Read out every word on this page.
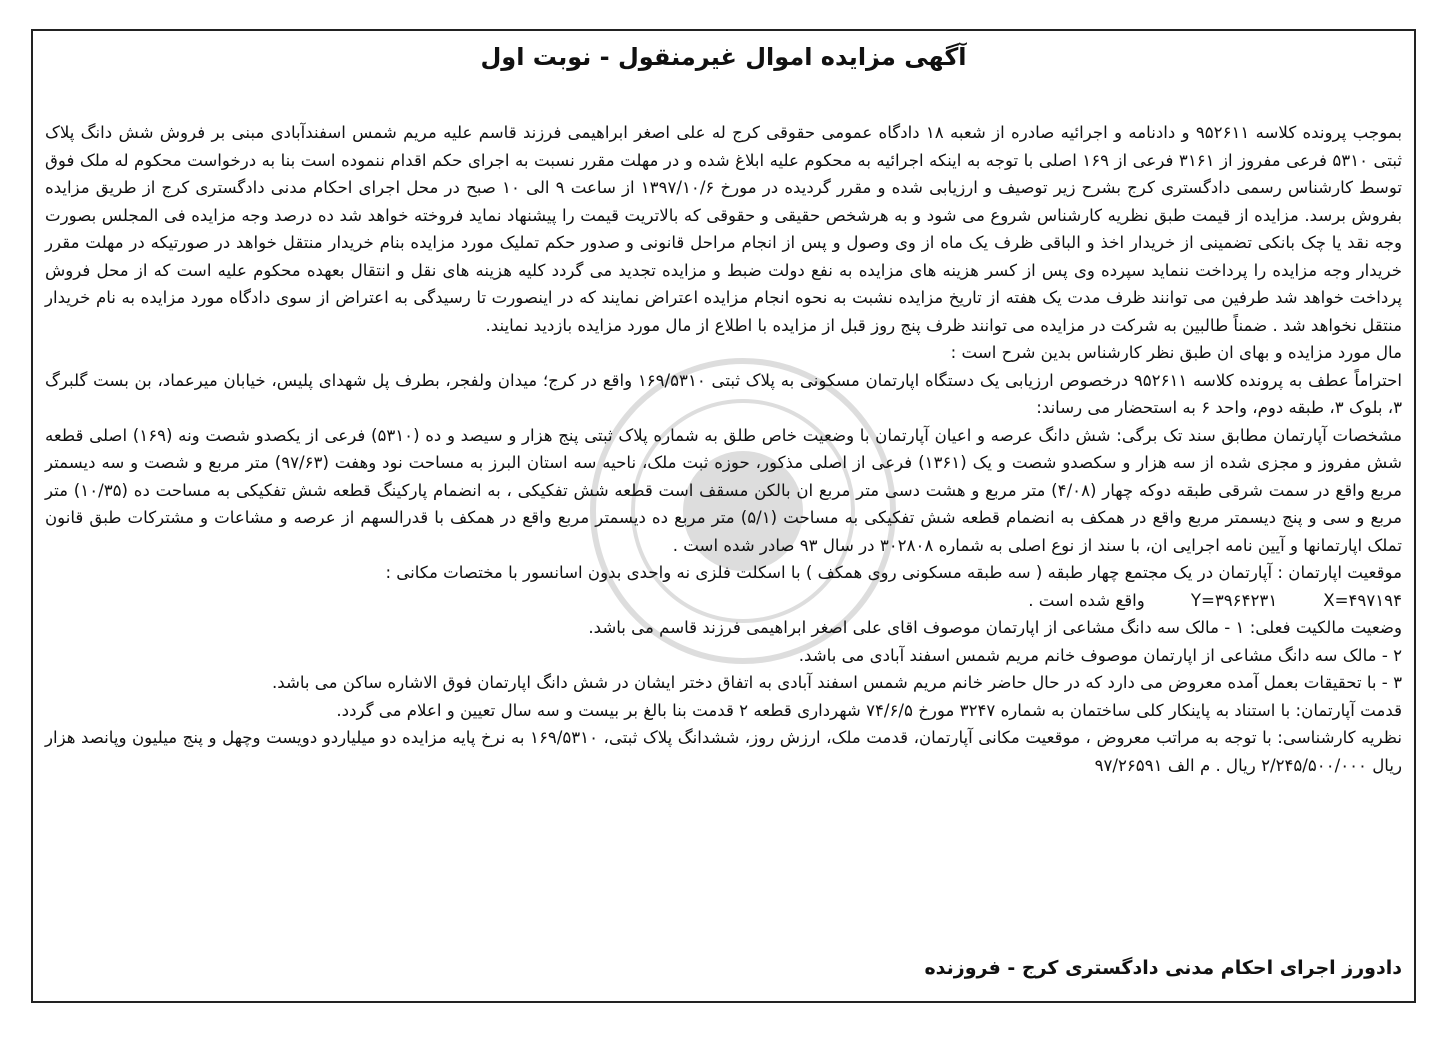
آگهی مزایده اموال غیرمنقول - نوبت اول

بموجب پرونده کلاسه ۹۵۲۶۱۱ و دادنامه و اجرائیه صادره از شعبه ۱۸ دادگاه عمومی حقوقی کرج له علی اصغر ابراهیمی فرزند قاسم علیه مریم شمس اسفندآبادی مبنی بر فروش شش دانگ پلاک ثبتی ۵۳۱۰ فرعی مفروز از ۳۱۶۱ فرعی از ۱۶۹ اصلی با توجه به اینکه اجرائیه به محکوم علیه ابلاغ شده و در مهلت مقرر نسبت به اجرای حکم اقدام ننموده است بنا به درخواست محکوم له ملک فوق توسط کارشناس رسمی دادگستری کرج بشرح زیر توصیف و ارزیابی شده و مقرر گردیده در مورخ ۱۳۹۷/۱۰/۶ از ساعت ۹ الی ۱۰ صبح در محل اجرای احکام مدنی دادگستری کرج از طریق مزایده بفروش برسد. مزایده از قیمت طبق نظریه کارشناس شروع می شود و به هرشخص حقیقی و حقوقی که بالاتریت قیمت را پیشنهاد نماید فروخته خواهد شد ده درصد وجه مزایده فی المجلس بصورت وجه نقد یا چک بانکی تضمینی از خریدار اخذ و الباقی ظرف یک ماه از وی وصول و پس از انجام مراحل قانونی و صدور حکم تملیک مورد مزایده بنام خریدار منتقل خواهد در صورتیکه در مهلت مقرر خریدار وجه مزایده را پرداخت ننماید سپرده وی پس از کسر هزینه های مزایده به نفع دولت ضبط و مزایده تجدید می گردد کلیه هزینه های نقل و انتقال بعهده محکوم علیه است که از محل فروش پرداخت خواهد شد طرفین می توانند ظرف مدت یک هفته از تاریخ مزایده نشبت به نحوه انجام مزایده اعتراض نمایند که در اینصورت تا رسیدگی به اعتراض از سوی دادگاه مورد مزایده به نام خریدار منتقل نخواهد شد . ضمناً طالبین به شرکت در مزایده می توانند ظرف پنج روز قبل از مزایده با اطلاع از مال مورد مزایده بازدید نمایند.

مال مورد مزایده و بهای ان طبق نظر کارشناس بدین شرح است :

احتراماً عطف به پرونده کلاسه ۹۵۲۶۱۱ درخصوص ارزیابی یک دستگاه اپارتمان مسکونی به پلاک ثبتی ۱۶۹/۵۳۱۰ واقع در کرج؛ میدان ولفجر، بطرف پل شهدای پلیس، خیابان میرعماد، بن بست گلبرگ ۳، بلوک ۳، طبقه دوم، واحد ۶ به استحضار می رساند:

مشخصات آپارتمان مطابق سند تک برگی: شش دانگ عرصه و اعیان آپارتمان با وضعیت خاص طلق به شماره پلاک ثبتی پنج هزار و سیصد و ده (۵۳۱۰) فرعی از یکصدو شصت ونه (۱۶۹) اصلی قطعه شش مفروز و مجزی شده از سه هزار و سکصدو شصت و یک (۱۳۶۱) فرعی از اصلی مذکور، حوزه ثبت ملک، ناحیه سه استان البرز به مساحت نود وهفت (۹۷/۶۳) متر مربع و شصت و سه دیسمتر مربع واقع در سمت شرقی طبقه دوکه چهار (۴/۰۸) متر مربع و هشت دسی متر مربع ان بالکن مسقف است قطعه شش تفکیکی ، به انضمام پارکینگ قطعه شش تفکیکی به مساحت ده (۱۰/۳۵) متر مربع و سی و پنج دیسمتر مربع واقع در همکف به انضمام قطعه شش تفکیکی به مساحت (۵/۱) متر مربع ده دیسمتر مربع واقع در همکف با قدرالسهم از عرصه و مشاعات و مشترکات طبق قانون تملک اپارتمانها و آیین نامه اجرایی ان، با سند از نوع اصلی به شماره ۳۰۲۸۰۸ در سال ۹۳ صادر شده است .

موقعیت اپارتمان : آپارتمان در یک مجتمع چهار طبقه ( سه طبقه مسکونی روی همکف ) با اسکلت فلزی نه واحدی بدون اسانسور با مختصات مکانی :

X=۴۹۷۱۹۴
Y=۳۹۶۴۲۳۱
واقع شده است .

وضعیت مالکیت فعلی: ۱ - مالک سه دانگ مشاعی از اپارتمان موصوف اقای علی اصغر ابراهیمی فرزند قاسم می باشد.

۲ - مالک سه دانگ مشاعی از اپارتمان موصوف خانم مریم شمس اسفند آبادی می باشد.

۳ - با تحقیقات بعمل آمده معروض می دارد که در حال حاضر خانم مریم شمس اسفند آبادی به اتفاق دختر ایشان در شش دانگ اپارتمان فوق الاشاره ساکن می باشد.

قدمت آپارتمان: با استناد به پاینکار کلی ساختمان به شماره ۳۲۴۷ مورخ ۷۴/۶/۵ شهرداری قطعه ۲ قدمت بنا بالغ بر بیست و سه سال تعیین و اعلام می گردد.

نظریه کارشناسی: با توجه به مراتب معروض ، موقعیت مکانی آپارتمان، قدمت ملک، ارزش روز، ششدانگ پلاک ثبتی، ۱۶۹/۵۳۱۰ به نرخ پایه مزایده دو میلیاردو دویست وچهل و پنج میلیون وپانصد هزار ریال ۲/۲۴۵/۵۰۰/۰۰۰ ریال . م الف ۹۷/۲۶۵۹۱

دادورز اجرای احکام مدنی دادگستری کرج - فروزنده
